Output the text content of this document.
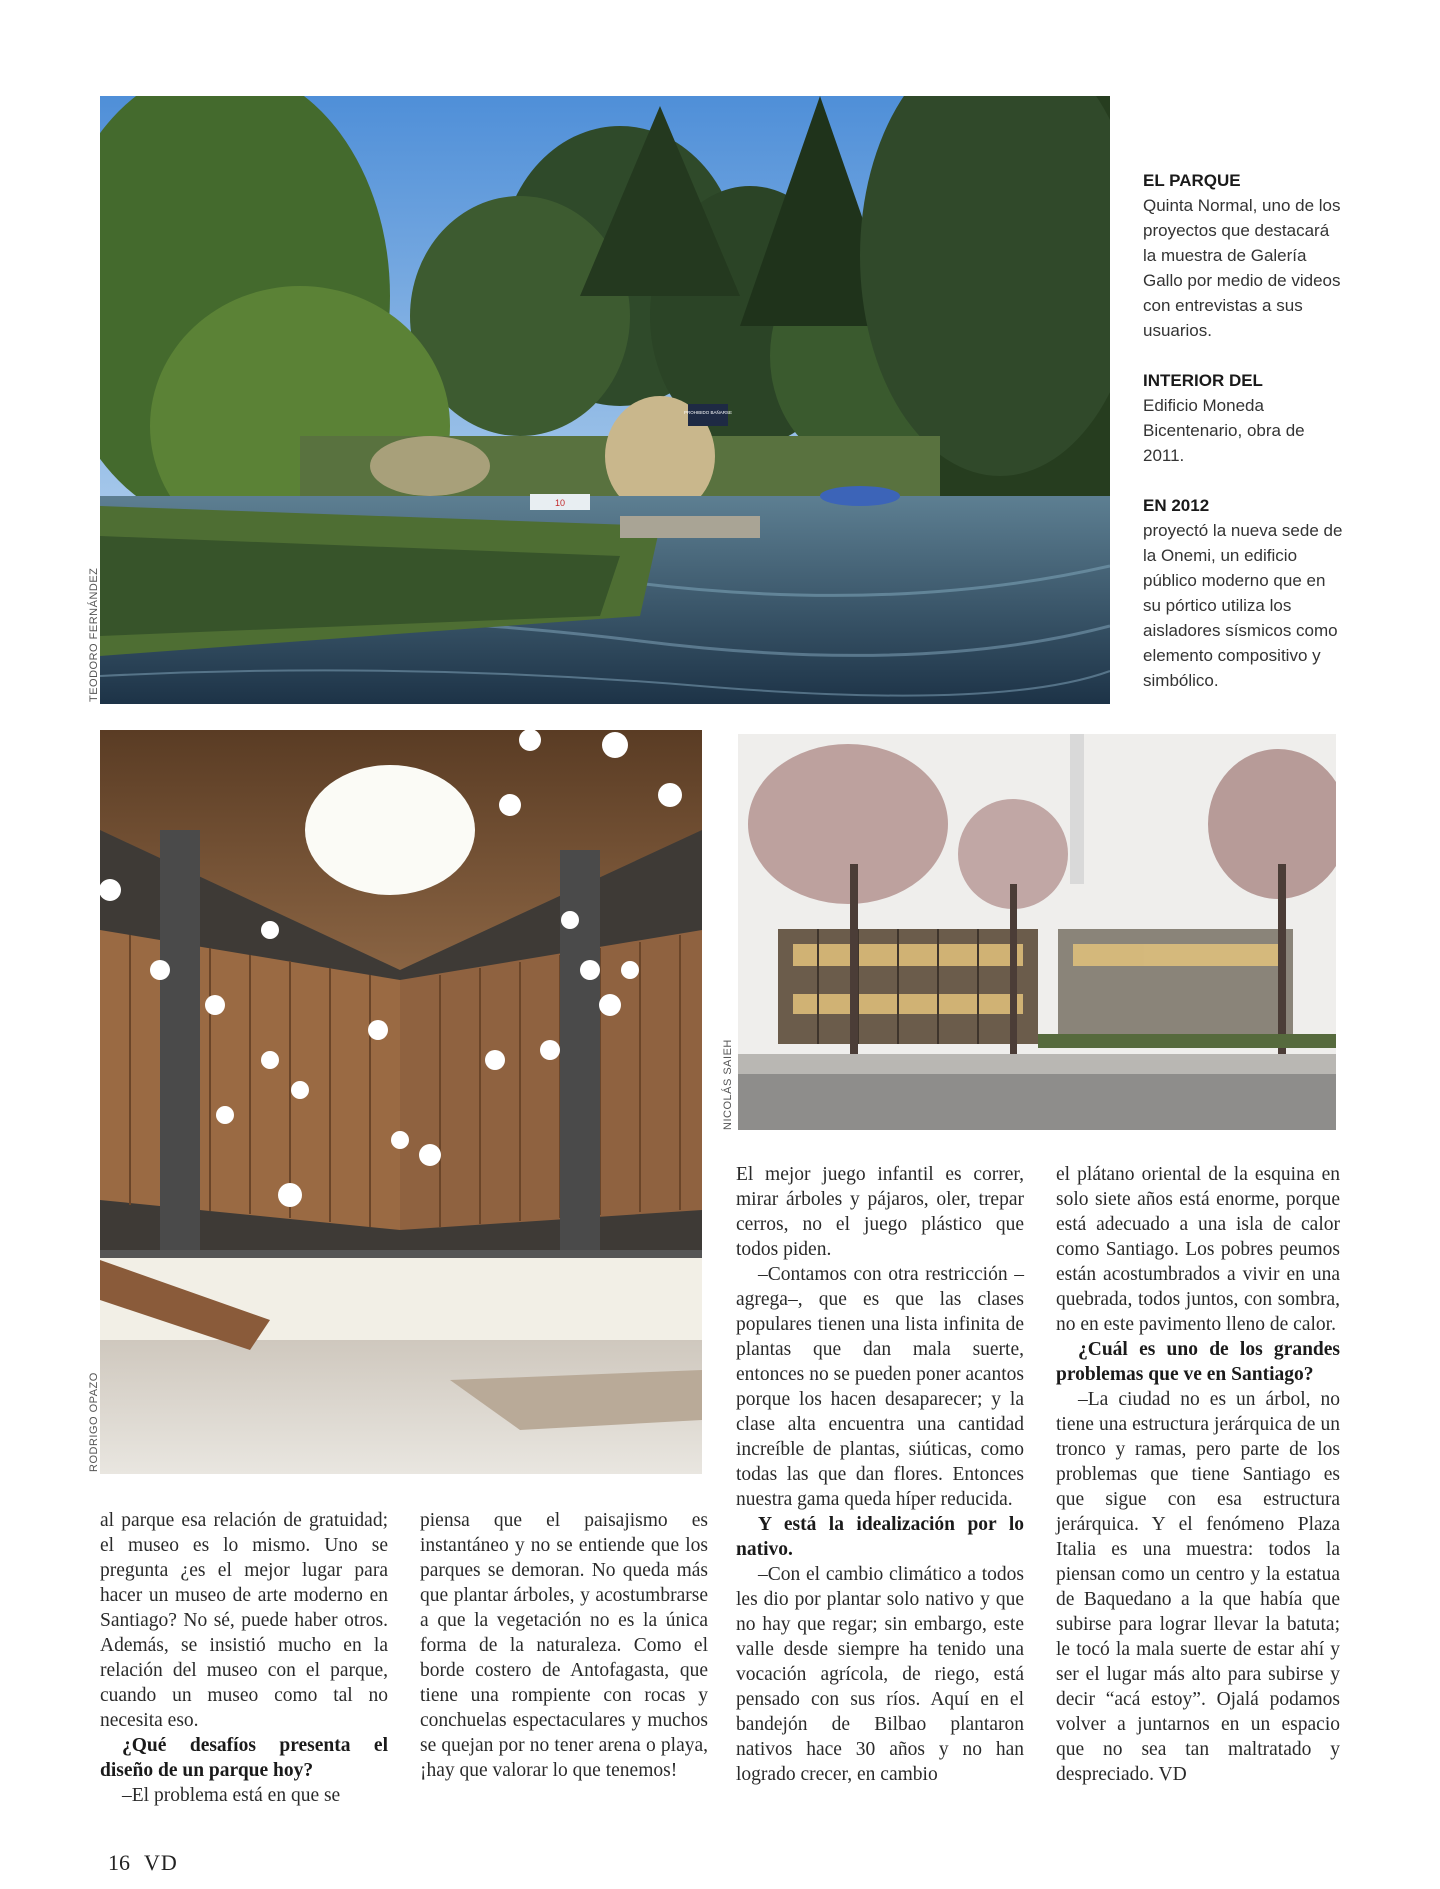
PROHIBIDO BAÑARSE
10
TEODORO FERNÁNDEZ
EL PARQUE
Quinta Normal, uno de los proyectos que destacará la muestra de Galería Gallo por medio de videos con entrevistas a sus usuarios.
INTERIOR DEL
Edificio Moneda Bicentenario, obra de 2011.
EN 2012
proyectó la nueva sede de la Onemi, un edificio público moderno que en su pórtico utiliza los aisladores sísmicos como elemento compositivo y simbólico.
RODRIGO OPAZO
NICOLÁS SAIEH

al parque esa relación de gratuidad; el museo es lo mismo. Uno se pregunta ¿es el mejor lugar para hacer un museo de arte moderno en Santiago? No sé, puede haber otros. Además, se insistió mucho en la relación del museo con el parque, cuando un museo como tal no necesita eso.

¿Qué desafíos presenta el diseño de un parque hoy?

–El problema está en que se

piensa que el paisajismo es instantáneo y no se entiende que los parques se demoran. No queda más que plantar árboles, y acostumbrarse a que la vegetación no es la única forma de la naturaleza. Como el borde costero de Antofagasta, que tiene una rompiente con rocas y conchuelas espectaculares y muchos se quejan por no tener arena o playa, ¡hay que valorar lo que tenemos!

El mejor juego infantil es correr, mirar árboles y pájaros, oler, trepar cerros, no el juego plástico que todos piden.

–Contamos con otra restricción –agrega–, que es que las clases populares tienen una lista infinita de plantas que dan mala suerte, entonces no se pueden poner acantos porque los hacen desaparecer; y la clase alta encuentra una cantidad increíble de plantas, siúticas, como todas las que dan flores. Entonces nuestra gama queda híper reducida.

Y está la idealización por lo nativo.

–Con el cambio climático a todos les dio por plantar solo nativo y que no hay que regar; sin embargo, este valle desde siempre ha tenido una vocación agrícola, de riego, está pensado con sus ríos. Aquí en el bandejón de Bilbao plantaron nativos hace 30 años y no han logrado crecer, en cambio

el plátano oriental de la esquina en solo siete años está enorme, porque está adecuado a una isla de calor como Santiago. Los pobres peumos están acostumbrados a vivir en una quebrada, todos juntos, con sombra, no en este pavimento lleno de calor.

¿Cuál es uno de los grandes problemas que ve en Santiago?

–La ciudad no es un árbol, no tiene una estructura jerárquica de un tronco y ramas, pero parte de los problemas que tiene Santiago es que sigue con esa estructura jerárquica. Y el fenómeno Plaza Italia es una muestra: todos la piensan como un centro y la estatua de Baquedano a la que había que subirse para lograr llevar la batuta; le tocó la mala suerte de estar ahí y ser el lugar más alto para subirse y decir “acá estoy”. Ojalá podamos volver a juntarnos en un espacio que no sea tan maltratado y despreciado. VD

16 VD
